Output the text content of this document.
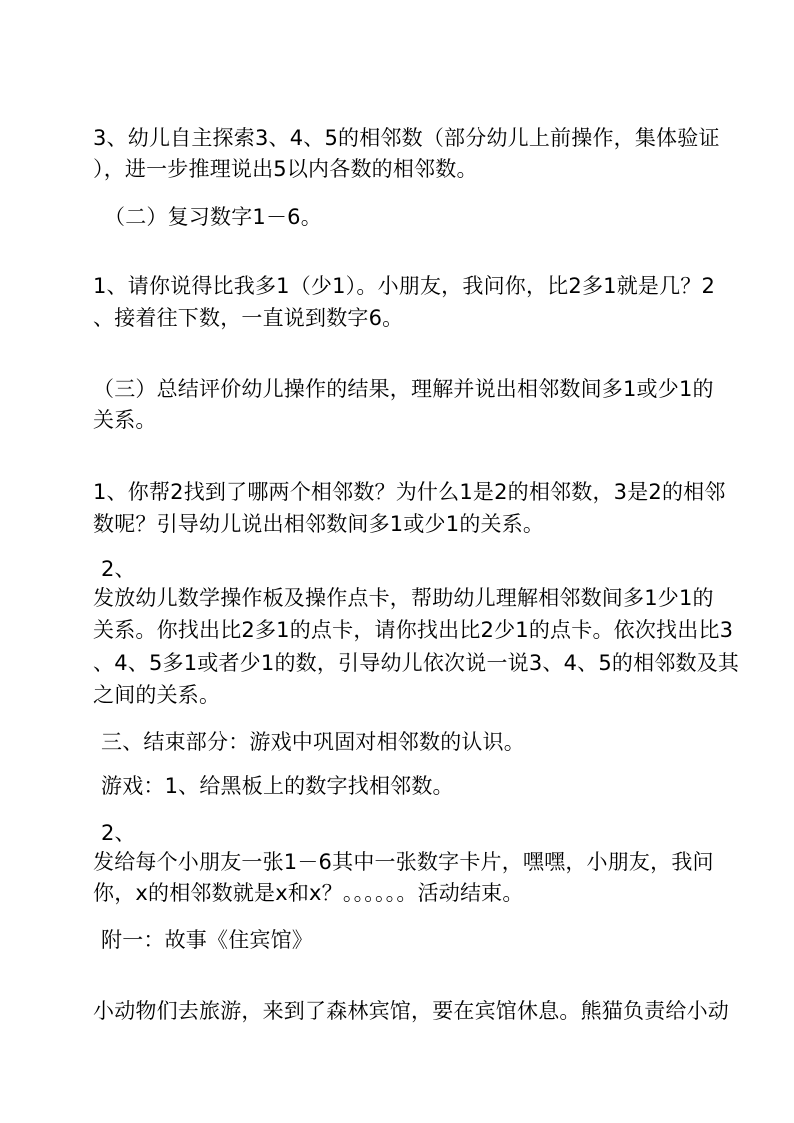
3、幼儿自主探索3、4、5的相邻数（部分幼儿上前操作，集体验证
），进一步推理说出5以内各数的相邻数。
（二）复习数字1－6。
1、请你说得比我多1（少1）。小朋友，我问你，比2多1就是几？2
、接着往下数，一直说到数字6。
（三）总结评价幼儿操作的结果，理解并说出相邻数间多1或少1的
关系。
1、你帮2找到了哪两个相邻数？为什么1是2的相邻数，3是2的相邻
数呢？引导幼儿说出相邻数间多1或少1的关系。
2、
发放幼儿数学操作板及操作点卡，帮助幼儿理解相邻数间多1少1的
关系。你找出比2多1的点卡，请你找出比2少1的点卡。依次找出比3
、4、5多1或者少1的数，引导幼儿依次说一说3、4、5的相邻数及其
之间的关系。
三、结束部分：游戏中巩固对相邻数的认识。
游戏：1、给黑板上的数字找相邻数。
2、
发给每个小朋友一张1－6其中一张数字卡片，嘿嘿，小朋友，我问
你，x的相邻数就是x和x？。。。。。。活动结束。
附一：故事《住宾馆》
小动物们去旅游，来到了森林宾馆，要在宾馆休息。熊猫负责给小动
